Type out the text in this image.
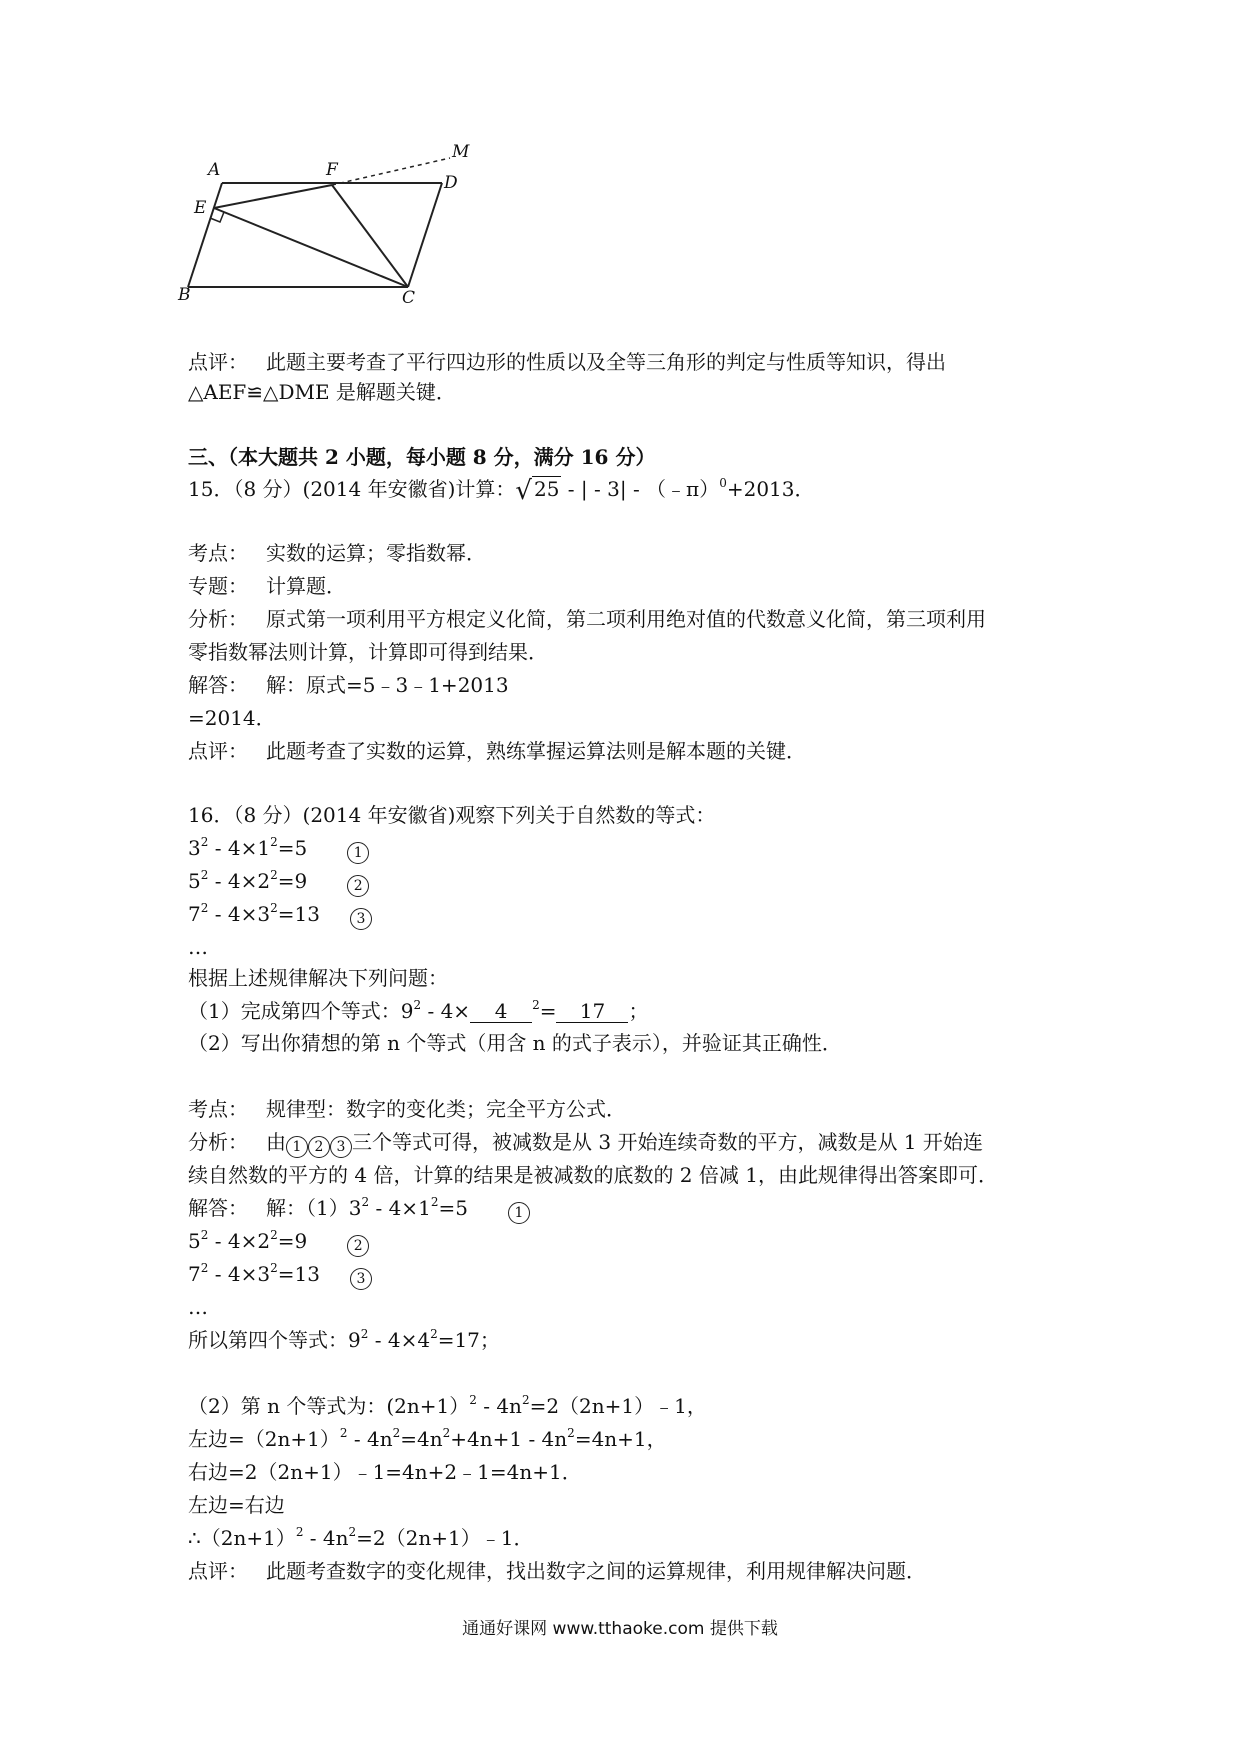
A	F
M
D
E
B	C
点评： 此题主要考查了平行四边形的性质以及全等三角形的判定与性质等知识，得出
△AEF≌△DME 是解题关键．
三、（本大题共 2 小题，每小题 8 分，满分 16 分）
15．（8 分）(2014 年安徽省)计算：√ 25 - | - 3| - （﹣π）$^0$+2013．
考点： 实数的运算；零指数幂．
专题： 计算题．
分析： 原式第一项利用平方根定义化简，第二项利用绝对值的代数意义化简，第三项利用
零指数幂法则计算，计算即可得到结果．
解答： 解：原式=5﹣3﹣1+2013
=2014．
点评： 此题考查了实数的运算，熟练掌握运算法则是解本题的关键．
16．（8 分）(2014 年安徽省)观察下列关于自然数的等式：
$3^2 - 4\times 1^2=5$	1
$5^2 - 4\times 2^2=9$	2
$7^2 - 4\times 3^2=13$	3
…
根据上述规律解决下列问题：
（1）完成第四个等式：$9^2 - 4\times 4$ $^2$= 17 ；
（2）写出你猜想的第 n 个等式（用含 n 的式子表示），并验证其正确性．
考点： 规律型：数字的变化类；完全平方公式．
分析： 由 1 2 3 三个等式可得，被减数是从 3 开始连续奇数的平方，减数是从 1 开始连
续自然数的平方的 4 倍，计算的结果是被减数的底数的 2 倍减 1，由此规律得出答案即可．
解答： 解：$(1)3^2 - 4\times 1^2=5$	1
$5^2 - 4\times 2^2=9$	2
$7^2 - 4\times 3^2=13$	3
…
所以第四个等式：$9^2 - 4\times 4^2=17$；
（2）第 n 个等式为：$(2n+1)^2 - 4n^2=2(2n+1)﹣1$，
左边$=(2n+1)^2 - 4n^2=4n^2+4n+1 - 4n^2=4n+1$，
右边=2（2n+1）﹣1=4n+2﹣1=4n+1．
左边=右边
$\therefore(2n+1)^2$ - $4n^2=2(2n+1)﹣1$．
点评： 此题考查数字的变化规律，找出数字之间的运算规律，利用规律解决问题．
通通好课网 www.tthaoke.com 提供下载
